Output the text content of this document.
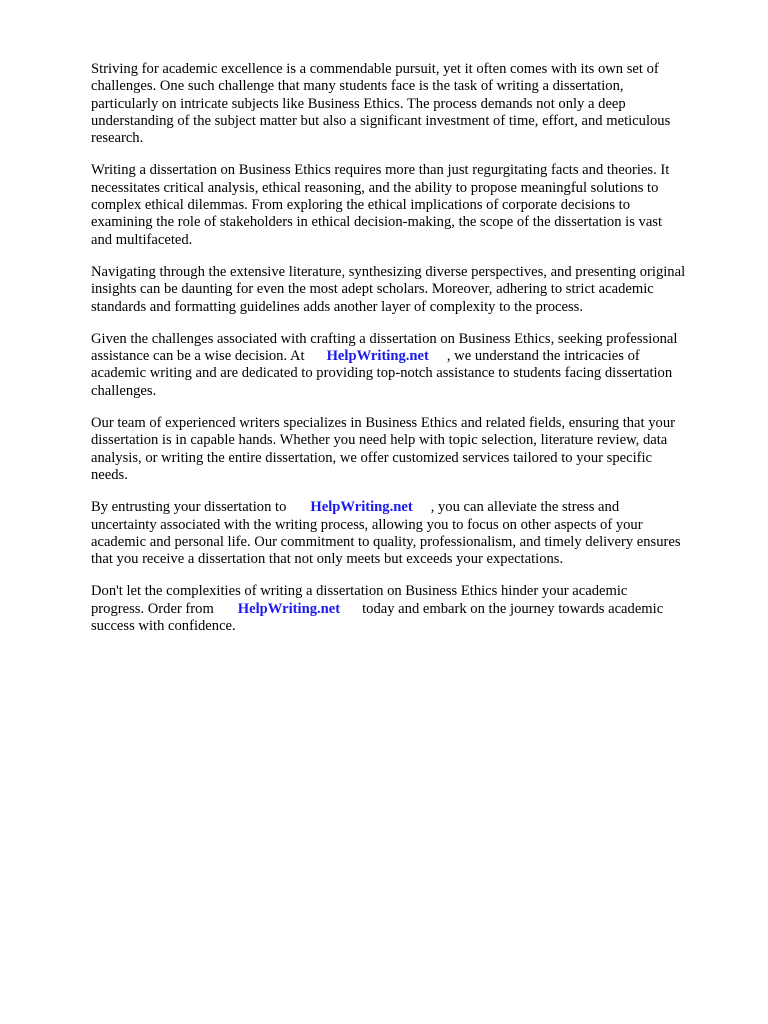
Striving for academic excellence is a commendable pursuit, yet it often comes with its own set of
challenges. One such challenge that many students face is the task of writing a dissertation,
particularly on intricate subjects like Business Ethics. The process demands not only a deep
understanding of the subject matter but also a significant investment of time, effort, and meticulous
research.

Writing a dissertation on Business Ethics requires more than just regurgitating facts and theories. It
necessitates critical analysis, ethical reasoning, and the ability to propose meaningful solutions to
complex ethical dilemmas. From exploring the ethical implications of corporate decisions to
examining the role of stakeholders in ethical decision-making, the scope of the dissertation is vast
and multifaceted.

Navigating through the extensive literature, synthesizing diverse perspectives, and presenting original
insights can be daunting for even the most adept scholars. Moreover, adhering to strict academic
standards and formatting guidelines adds another layer of complexity to the process.

Given the challenges associated with crafting a dissertation on Business Ethics, seeking professional
assistance can be a wise decision. At HelpWriting.net , we understand the intricacies of
academic writing and are dedicated to providing top-notch assistance to students facing dissertation
challenges.

Our team of experienced writers specializes in Business Ethics and related fields, ensuring that your
dissertation is in capable hands. Whether you need help with topic selection, literature review, data
analysis, or writing the entire dissertation, we offer customized services tailored to your specific
needs.

By entrusting your dissertation to HelpWriting.net , you can alleviate the stress and
uncertainty associated with the writing process, allowing you to focus on other aspects of your
academic and personal life. Our commitment to quality, professionalism, and timely delivery ensures
that you receive a dissertation that not only meets but exceeds your expectations.

Don't let the complexities of writing a dissertation on Business Ethics hinder your academic
progress. Order from HelpWriting.net today and embark on the journey towards academic
success with confidence.
